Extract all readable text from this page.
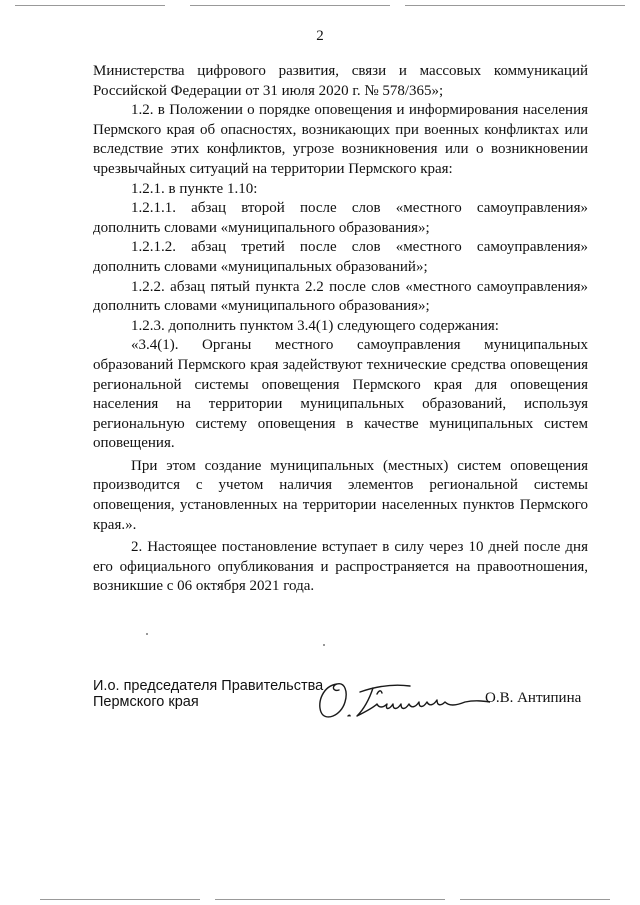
2

Министерства цифрового развития, связи и массовых коммуникаций Российской Федерации от 31 июля 2020 г. № 578/365»;

1.2. в Положении о порядке оповещения и информирования населения Пермского края об опасностях, возникающих при военных конфликтах или вследствие этих конфликтов, угрозе возникновения или о возникновении чрезвычайных ситуаций на территории Пермского края:

1.2.1. в пункте 1.10:

1.2.1.1. абзац второй после слов «местного самоуправления» дополнить словами «муниципального образования»;

1.2.1.2. абзац третий после слов «местного самоуправления» дополнить словами «муниципальных образований»;

1.2.2. абзац пятый пункта 2.2 после слов «местного самоуправления» дополнить словами «муниципального образования»;

1.2.3. дополнить пунктом 3.4(1) следующего содержания:

«3.4(1). Органы местного самоуправления муниципальных образований Пермского края задействуют технические средства оповещения региональной системы оповещения Пермского края для оповещения населения на территории муниципальных образований, используя региональную систему оповещения в качестве муниципальных систем оповещения.

При этом создание муниципальных (местных) систем оповещения производится с учетом наличия элементов региональной системы оповещения, установленных на территории населенных пунктов Пермского края.».

2. Настоящее постановление вступает в силу через 10 дней после дня его официального опубликования и распространяется на правоотношения, возникшие с 06 октября 2021 года.

И.о. председателя Правительства
Пермского края	О.В. Антипина
